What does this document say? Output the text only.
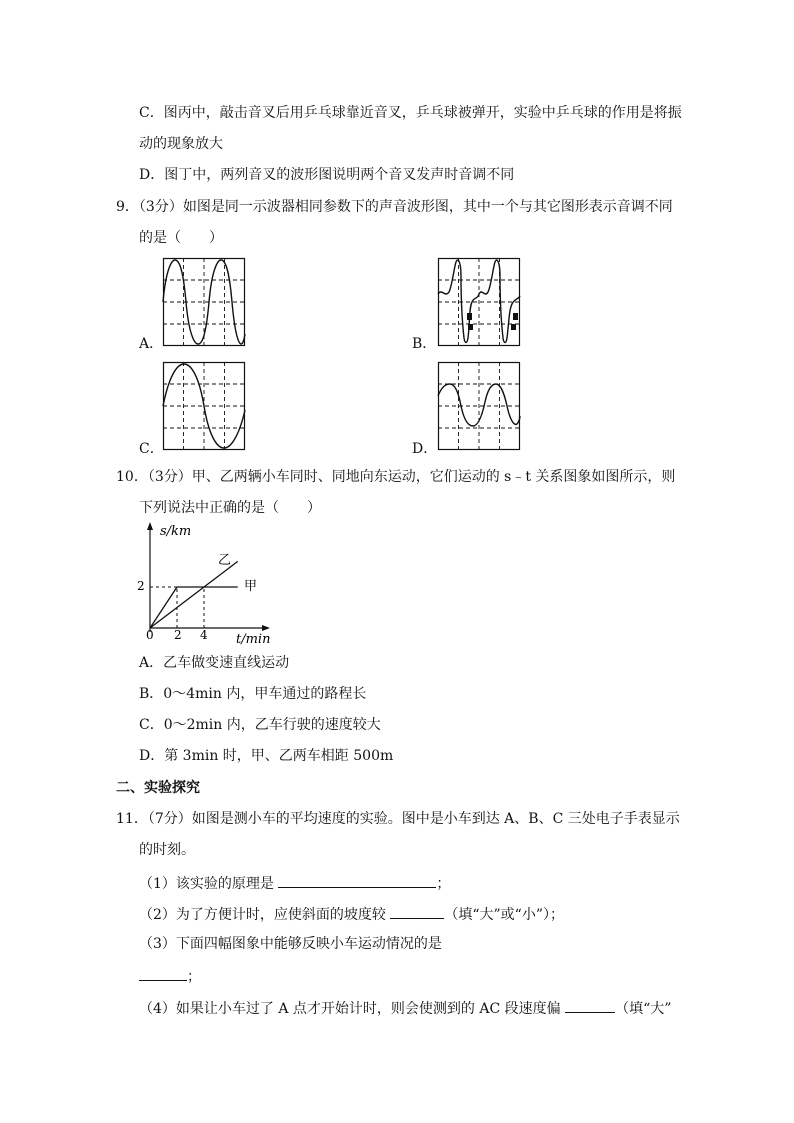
C．图丙中，敲击音叉后用乒乓球靠近音叉，乒乓球被弹开，实验中乒乓球的作用是将振
动的现象放大
D．图丁中，两列音叉的波形图说明两个音叉发声时音调不同
9．（3分）如图是同一示波器相同参数下的声音波形图，其中一个与其它图形表示音调不同
的是（　　）
A．	B．
C．	D．
10．（3分）甲、乙两辆小车同时、同地向东运动，它们运动的 s﹣t 关系图象如图所示，则
下列说法中正确的是（　　）
s/km
t/min
0 2 4
2
乙
甲
A．乙车做变速直线运动
B．0～4min 内，甲车通过的路程长
C．0～2min 内，乙车行驶的速度较大
D．第 3min 时，甲、乙两车相距 500m
二、实验探究
11．（7分）如图是测小车的平均速度的实验。图中是小车到达 A、B、C 三处电子手表显示
的时刻。
（1）该实验的原理是	；
（2）为了方便计时，应使斜面的坡度较	（填“大”或“小”）；
（3）下面四幅图象中能够反映小车运动情况的是
；
（4）如果让小车过了 A 点才开始计时，则会使测到的 AC 段速度偏	（填“大”
